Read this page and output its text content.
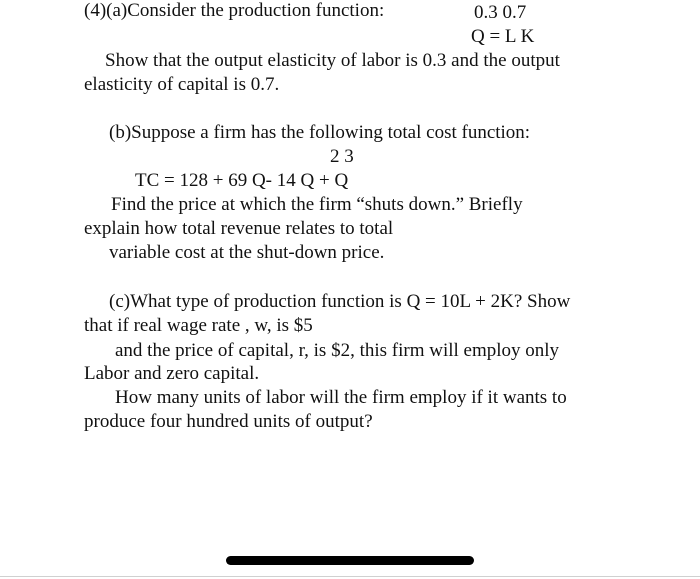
(4)(a)Consider the production function:	0.3 0.7
Q = L K
Show that the output elasticity of labor is 0.3 and the output
elasticity of capital is 0.7.
(b)Suppose a firm has the following total cost function:
2 3
TC = 128 + 69 Q- 14 Q + Q
Find the price at which the firm “shuts down.” Briefly
explain how total revenue relates to total
variable cost at the shut-down price.
(c)What type of production function is Q = 10L + 2K? Show
that if real wage rate , w, is $5
and the price of capital, r, is $2, this firm will employ only
Labor and zero capital.
How many units of labor will the firm employ if it wants to
produce four hundred units of output?
